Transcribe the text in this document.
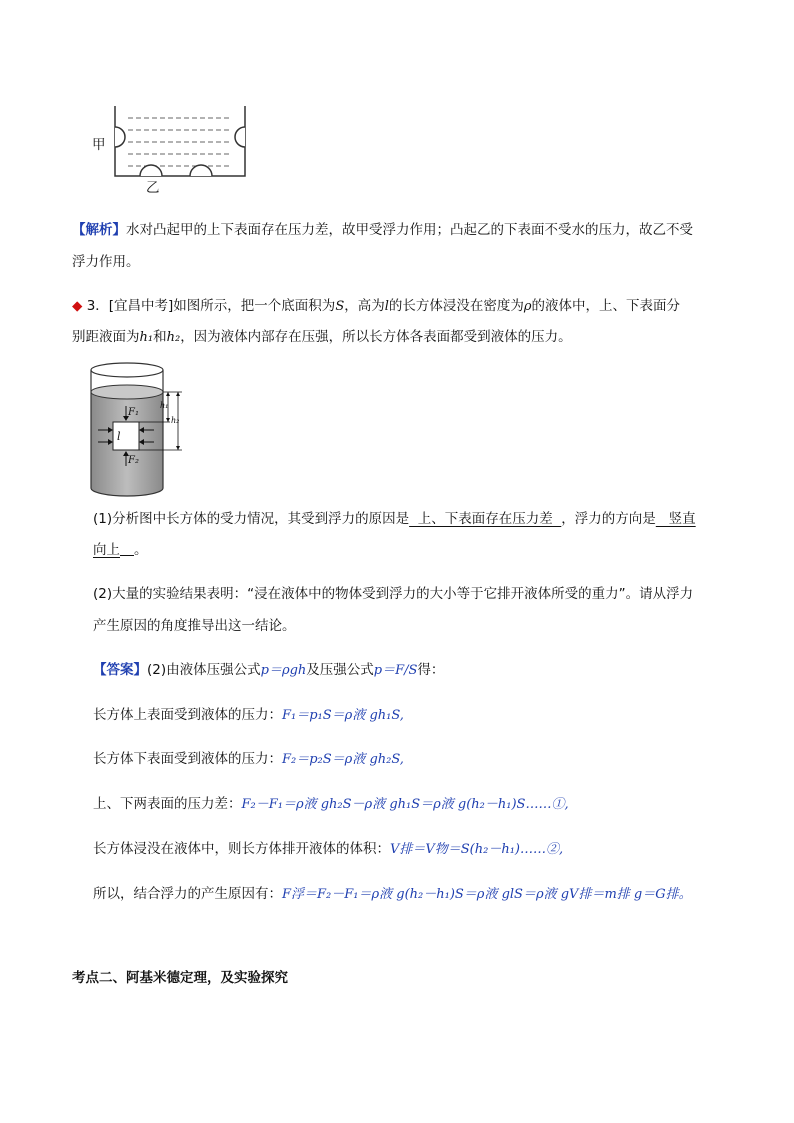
甲
乙
【解析】水对凸起甲的上下表面存在压力差，故甲受浮力作用；凸起乙的下表面不受水的压力，故乙不受
浮力作用。
◆ 3．[宜昌中考]如图所示，把一个底面积为S，高为l的长方体浸没在密度为ρ的液体中，上、下表面分
别距液面为h₁和h₂，因为液体内部存在压强，所以长方体各表面都受到液体的压力。
F₁
F₂
l
h₁
h₂
(1)分析图中长方体的受力情况，其受到浮力的原因是  上、下表面存在压力差  ，浮力的方向是   竖直
向上 。
(2)大量的实验结果表明：“浸在液体中的物体受到浮力的大小等于它排开液体所受的重力”。请从浮力
产生原因的角度推导出这一结论。
【答案】(2)由液体压强公式p＝ρgh及压强公式p＝F/S得：
长方体上表面受到液体的压力：F₁＝p₁S＝ρ液 gh₁S,
长方体下表面受到液体的压力：F₂＝p₂S＝ρ液 gh₂S,
上、下两表面的压力差：F₂－F₁＝ρ液 gh₂S－ρ液 gh₁S＝ρ液 g(h₂－h₁)S……①,
长方体浸没在液体中，则长方体排开液体的体积：V排＝V物＝S(h₂－h₁)……②,
所以，结合浮力的产生原因有：F浮＝F₂－F₁＝ρ液 g(h₂－h₁)S＝ρ液 glS＝ρ液 gV排＝m排 g＝G排。
考点二、阿基米德定理，及实验探究
